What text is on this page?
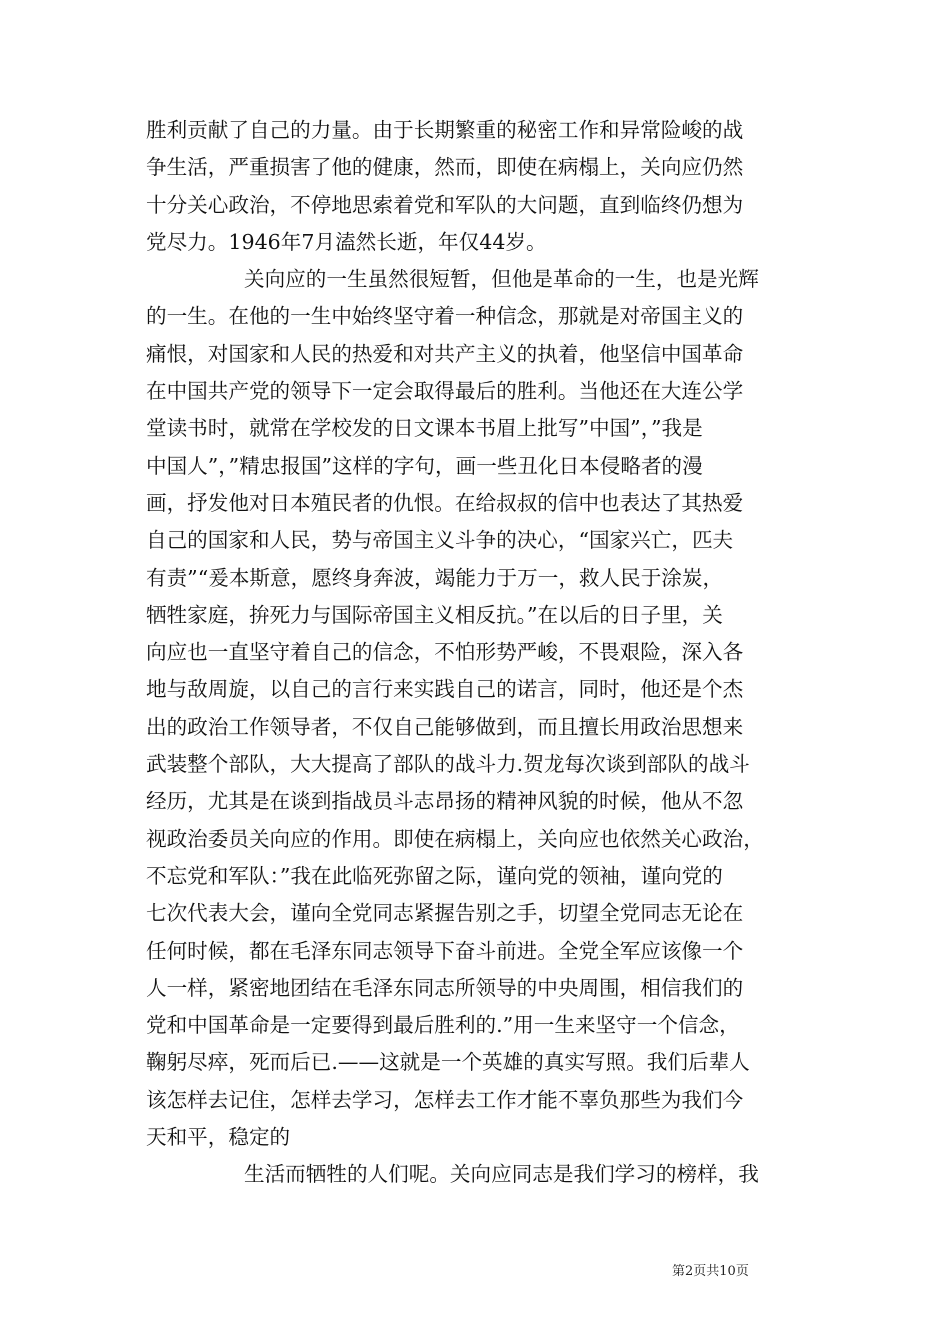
胜利贡献了自己的力量。由于长期繁重的秘密工作和异常险峻的战
争生活，严重损害了他的健康，然而，即使在病榻上，关向应仍然
十分关心政治，不停地思索着党和军队的大问题，直到临终仍想为
党尽力。1946年7月溘然长逝，年仅44岁。
关向应的一生虽然很短暂，但他是革命的一生，也是光辉
的一生。在他的一生中始终坚守着一种信念，那就是对帝国主义的
痛恨，对国家和人民的热爱和对共产主义的执着，他坚信中国革命
在中国共产党的领导下一定会取得最后的胜利。当他还在大连公学
堂读书时，就常在学校发的日文课本书眉上批写”中国”，”我是
中国人”，”精忠报国”这样的字句，画一些丑化日本侵略者的漫
画，抒发他对日本殖民者的仇恨。在给叔叔的信中也表达了其热爱
自己的国家和人民，势与帝国主义斗争的决心，“国家兴亡，匹夫
有责”“爰本斯意，愿终身奔波，竭能力于万一，救人民于涂炭，
牺牲家庭，拚死力与国际帝国主义相反抗。”在以后的日子里，关
向应也一直坚守着自己的信念，不怕形势严峻，不畏艰险，深入各
地与敌周旋，以自己的言行来实践自己的诺言，同时，他还是个杰
出的政治工作领导者，不仅自己能够做到，而且擅长用政治思想来
武装整个部队，大大提高了部队的战斗力.贺龙每次谈到部队的战斗
经历，尤其是在谈到指战员斗志昂扬的精神风貌的时候，他从不忽
视政治委员关向应的作用。即使在病榻上，关向应也依然关心政治，
不忘党和军队：”我在此临死弥留之际，谨向党的领袖，谨向党的
七次代表大会，谨向全党同志紧握告别之手，切望全党同志无论在
任何时候，都在毛泽东同志领导下奋斗前进。全党全军应该像一个
人一样，紧密地团结在毛泽东同志所领导的中央周围，相信我们的
党和中国革命是一定要得到最后胜利的.”用一生来坚守一个信念，
鞠躬尽瘁，死而后已.——这就是一个英雄的真实写照。我们后辈人
该怎样去记住，怎样去学习，怎样去工作才能不辜负那些为我们今
天和平，稳定的
生活而牺牲的人们呢。关向应同志是我们学习的榜样，我
第2页共10页
